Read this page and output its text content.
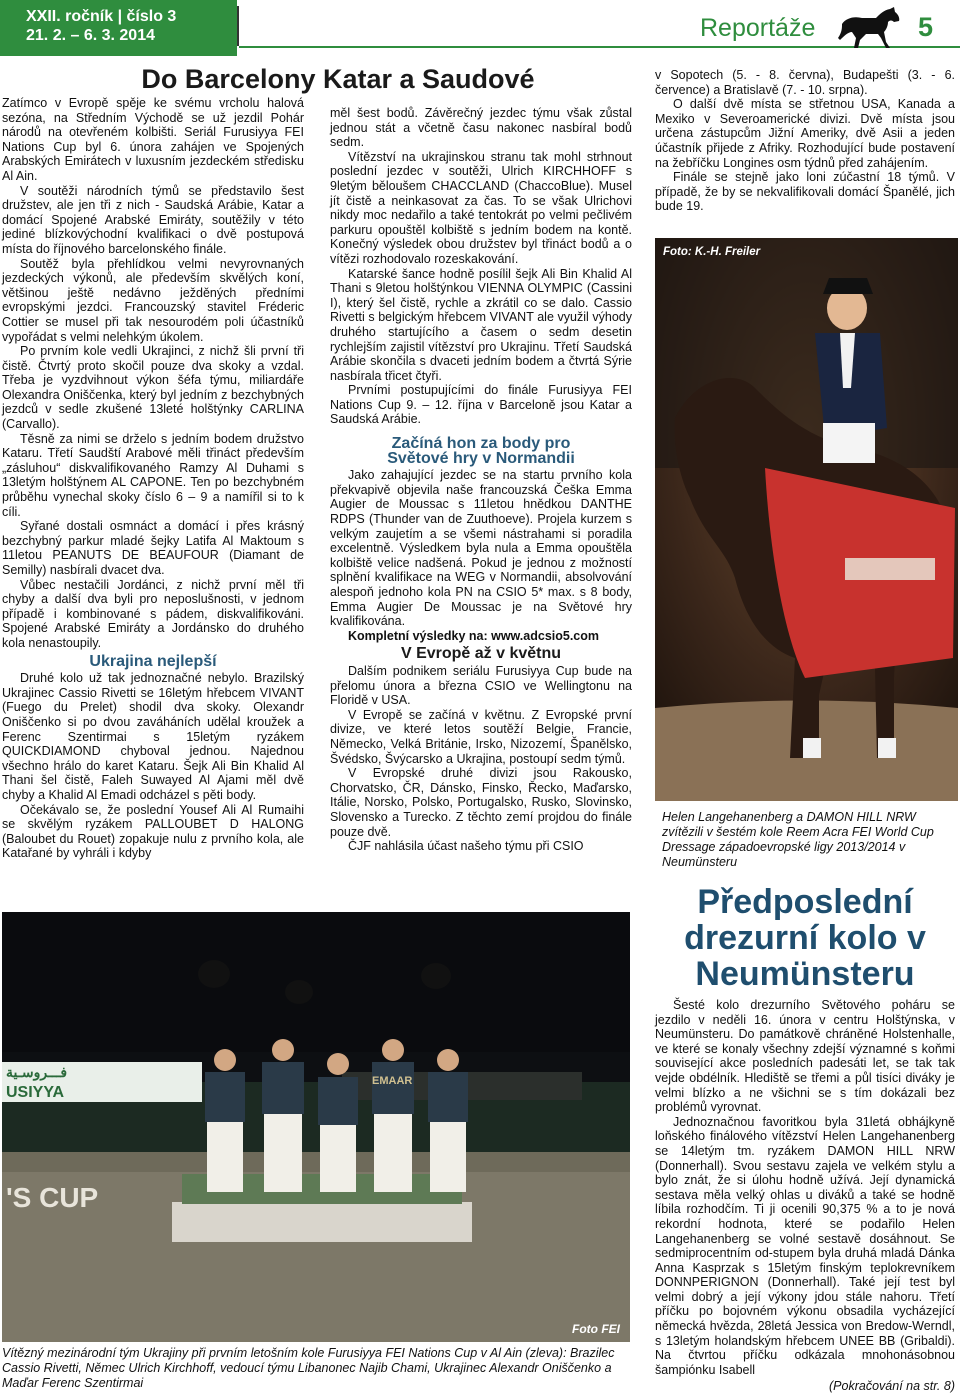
XXII. ročník | číslo 3
21. 2. – 6. 3. 2014	Reportáže	5
Do Barcelony Katar a Saudové

Zatímco v Evropě spěje ke svému vrcholu halová sezóna, na Středním Východě se už jezdil Pohár národů na otevřeném kolbišti. Seriál Furusiyya FEI Nations Cup byl 6. února zahájen ve Spojených Arabských Emirátech v luxusním jezdeckém středisku Al Ain.

V soutěži národních týmů se představilo šest družstev, ale jen tři z nich - Saudská Arábie, Katar a domácí Spojené Arabské Emiráty, soutěžily v této jediné blízkovýchodní kvalifikaci o dvě postupová místa do říjnového barcelonského finále.

Soutěž byla přehlídkou velmi nevyrovnaných jezdeckých výkonů, ale především skvělých koní, většinou ještě nedávno ježděných předními evropskými jezdci. Francouzský stavitel Fréderic Cottier se musel při tak nesourodém poli účastníků vypořádat s velmi nelehkým úkolem.

Po prvním kole vedli Ukrajinci, z nichž šli první tři čistě. Čtvrtý proto skočil pouze dva skoky a vzdal. Třeba je vyzdvihnout výkon šéfa týmu, miliardáře Olexandra Oniščenka, který byl jedním z bezchybných jezdců v sedle zkušené 13leté holštýnky CARLINA (Carvallo).

Těsně za nimi se drželo s jedním bodem družstvo Kataru. Třetí Saudští Arabové měli třináct především „zásluhou“ diskvalifikovaného Ramzy Al Duhami s 13letým holštýnem AL CAPONE. Ten po bezchybném průběhu vynechal skoky číslo 6 – 9 a namířil si to k cíli.

Syřané dostali osmnáct a domácí i přes krásný bezchybný parkur mladé šejky Latifa Al Maktoum s 11letou PEANUTS DE BEAUFOUR (Diamant de Semilly) nasbírali dvacet dva.

Vůbec nestačili Jordánci, z nichž první měl tři chyby a další dva byli pro neposlušnosti, v jednom případě i kombinované s pádem, diskvalifikováni. Spojené Arabské Emiráty a Jordánsko do druhého kola nenastoupily.

Ukrajina nejlepší

Druhé kolo už tak jednoznačné nebylo. Brazilský Ukrajinec Cassio Rivetti se 16letým hřebcem VIVANT (Fuego du Prelet) shodil dva skoky. Olexandr Oniščenko si po dvou zaváháních udělal kroužek a Ferenc Szentirmai s 15letým ryzákem QUICKDIAMOND chyboval jednou. Najednou všechno hrálo do karet Kataru. Šejk Ali Bin Khalid Al Thani šel čistě, Faleh Suwayed Al Ajami měl dvě chyby a Khalid Al Emadi odcházel s pěti body.

Očekávalo se, že poslední Yousef Ali Al Rumaihi se skvělým ryzákem PALLOUBET D HALONG (Baloubet du Rouet) zopakuje nulu z prvního kola, ale Katařané by vyhráli i kdyby

měl šest bodů. Závěrečný jezdec týmu však zůstal jednou stát a včetně času nakonec nasbíral bodů sedm.

Vítězství na ukrajinskou stranu tak mohl strhnout poslední jezdec v soutěži, Ulrich KIRCHHOFF s 9letým běloušem CHACCLAND (ChaccoBlue). Musel jít čistě a neinkasovat za čas. To se však Ulrichovi nikdy moc nedařilo a také tentokrát po velmi pečlivém parkuru opouštěl kolbiště s jedním bodem na kontě. Konečný výsledek obou družstev byl třináct bodů a o vítězi rozhodovalo rozeskakování.

Katarské šance hodně posílil šejk Ali Bin Khalid Al Thani s 9letou holštýnkou VIENNA OLYMPIC (Cassini I), který šel čistě, rychle a zkrátil co se dalo. Cassio Rivetti s belgickým hřebcem VIVANT ale využil výhody druhého startujícího a časem o sedm desetin rychlejším zajistil vítězství pro Ukrajinu. Třetí Saudská Arábie skončila s dvaceti jedním bodem a čtvrtá Sýrie nasbírala třicet čtyři.

Prvními postupujícími do finále Furusiyya FEI Nations Cup 9. – 12. října v Barceloně jsou Katar a Saudská Arábie.

Začíná hon za body pro Světové hry v Normandii

Jako zahajující jezdec se na startu prvního kola překvapivě objevila naše francouzská Češka Emma Augier de Moussac s 11letou hnědkou DANTHE RDPS (Thunder van de Zuuthoeve). Projela kurzem s velkým zaujetím a se všemi nástrahami si poradila excelentně. Výsledkem byla nula a Emma opouštěla kolbiště velice nadšená. Pokud je jednou z možností splnění kvalifikace na WEG v Normandii, absolvování alespoň jednoho kola PN na CSIO 5* max. s 8 body, Emma Augier De Moussac je na Světové hry kvalifikována.

Kompletní výsledky na: www.adcsio5.com

V Evropě až v květnu

Dalším podnikem seriálu Furusiyya Cup bude na přelomu února a března CSIO ve Wellingtonu na Floridě v USA.

V Evropě se začíná v květnu. Z Evropské první divize, ve které letos soutěží Belgie, Francie, Německo, Velká Británie, Irsko, Nizozemí, Španělsko, Švédsko, Švýcarsko a Ukrajina, postoupí sedm týmů.

V Evropské druhé divizi jsou Rakousko, Chorvatsko, ČR, Dánsko, Finsko, Řecko, Maďarsko, Itálie, Norsko, Polsko, Portugalsko, Rusko, Slovinsko, Slovensko a Turecko. Z těchto zemí projdou do finále pouze dvě.

ČJF nahlásila účast našeho týmu při CSIO

v Sopotech (5. - 8. června), Budapešti (3. - 6. července) a Bratislavě (7. - 10. srpna).

O další dvě místa se střetnou USA, Kanada a Mexiko v Severoamerické divizi. Dvě místa jsou určena zástupcům Jižní Ameriky, dvě Asii a jeden účastník přijede z Afriky. Rozhodující bude postavení na žebříčku Longines osm týdnů před zahájením.

Finále se stejně jako loni zúčastní 18 týmů. V případě, že by se nekvalifikovali domácí Španělé, jich bude 19.

Foto: K.-H. Freiler
Helen Langehanenberg a DAMON HILL NRW zvítězili v šestém kole Reem Acra FEI World Cup Dressage západoevropské ligy 2013/2014 v Neumünsteru
Předposlední drezurní kolo v Neumünsteru

Šesté kolo drezurního Světového poháru se jezdilo v neděli 16. února v centru Holštýnska, v Neumünsteru. Do památkově chráněné Holstenhalle, ve které se konaly všechny zdejší významné s koňmi související akce posledních padesáti let, se tak tak vejde obdélník. Hlediště se třemi a půl tisíci diváky je velmi blízko a ne všichni se s tím dokázali bez problémů vyrovnat.

Jednoznačnou favoritkou byla 31letá obhájkyně loňského finálového vítězství Helen Langehanenberg se 14letým tm. ryzákem DAMON HILL NRW (Donnerhall). Svou sestavu zajela ve velkém stylu a bylo znát, že si úlohu hodně užívá. Její dynamická sestava měla velký ohlas u diváků a také se hodně líbila rozhodčím. Ti ji ocenili 90,375 % a to je nová rekordní hodnota, které se podařilo Helen Langehanenberg se volné sestavě dosáhnout. Se sedmiprocentním od-stupem byla druhá mladá Dánka Anna Kasprzak s 15letým finským teplokrevníkem DONNPERIGNON (Donnerhall). Také její test byl velmi dobrý a její výkony jdou stále nahoru. Třetí příčku po bojovném výkonu obsadila vycházející německá hvězda, 28letá Jessica von Bredow-Werndl, s 13letým holandským hřebcem UNEE BB (Gribaldi). Na čtvrtou příčku odkázala mnohonásobnou šampiónku Isabell

(Pokračování na str. 8)
ف‍ـــروس‍ـية
USIYYA
EMAAR
'S CUP
Foto FEI
Vítězný mezinárodní tým Ukrajiny při prvním letošním kole Furusiyya FEI Nations Cup v Al Ain (zleva): Brazilec Cassio Rivetti, Němec Ulrich Kirchhoff, vedoucí týmu Libanonec Najib Chami, Ukrajinec Alexandr Oniščenko a Maďar Ferenc Szentirmai
